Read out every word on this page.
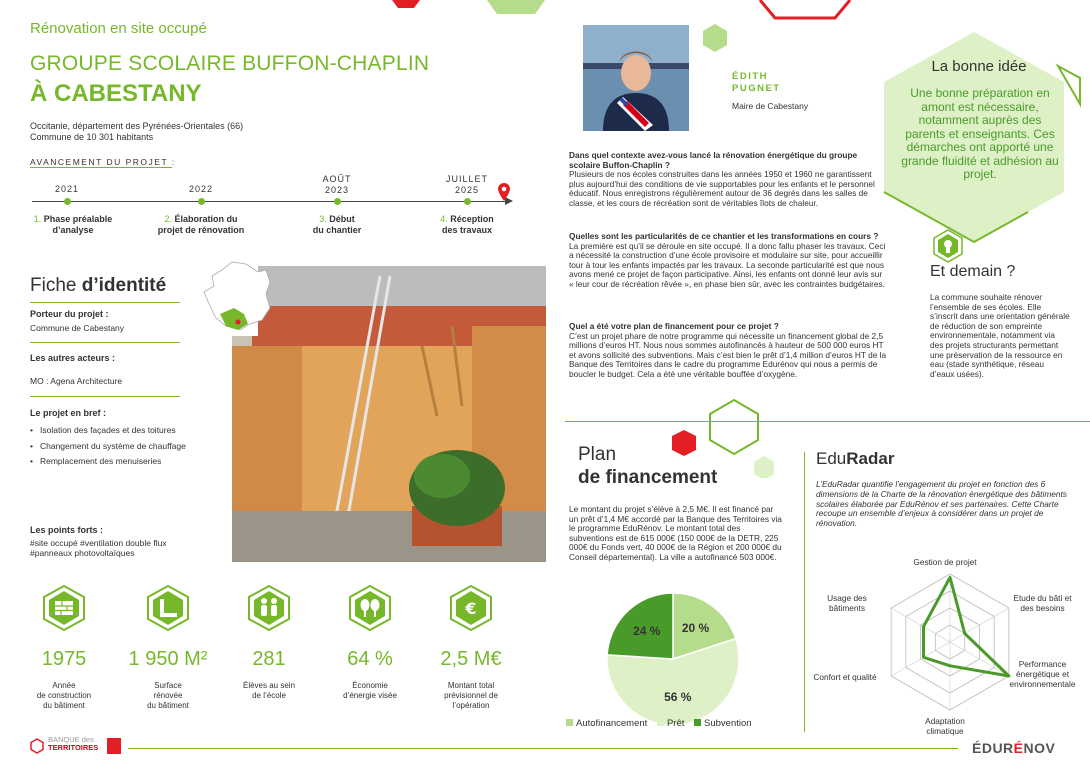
Rénovation en site occupé
GROUPE SCOLAIRE BUFFON-CHAPLIN
À CABESTANY
Occitanie, département des Pyrénées-Orientales (66)
Commune de 10 301 habitants
AVANCEMENT DU PROJET :
2021
1. Phase préalable
d’analyse
2022
2. Élaboration du
projet de rénovation
AOÛT
2023
3. Début
du chantier
JUILLET
2025
4. Réception
des travaux
Fiche d’identité
Porteur du projet :
Commune de Cabestany
Les autres acteurs :
MO : Agena Architecture
Le projet en bref :
• Isolation des façades et des toitures
• Changement du système de chauffage
• Remplacement des menuiseries
Les points forts :
#site occupé #ventilation double flux
#panneaux photovoltaïques
1975
Année
de construction
du bâtiment
1 950 M²
Surface
rénovée
du bâtiment
281
Élèves au sein
de l’école
64 %
Économie
d’énergie visée
€
2,5 M€
Montant total
prévisionnel de
l’opération
ÉDITH
PUGNET
Maire de Cabestany
Dans quel contexte avez-vous lancé la rénovation énergétique du groupe scolaire Buffon-Chaplin ?
Plusieurs de nos écoles construites dans les années 1950 et 1960 ne garantissent plus aujourd’hui des conditions de vie supportables pour les enfants et le personnel éducatif. Nous enregistrons régulièrement autour de 36 degrés dans les salles de classe, et les cours de récréation sont de véritables îlots de chaleur.
Quelles sont les particularités de ce chantier et les transformations en cours ?
La première est qu’il se déroule en site occupé. Il a donc fallu phaser les travaux. Ceci a nécessité la construction d’une école provisoire et modulaire sur site, pour accueillir tour à tour les enfants impactés par les travaux. La seconde particularité est que nous avons mené ce projet de façon participative. Ainsi, les enfants ont donné leur avis sur « leur cour de récréation rêvée », en phase bien sûr, avec les contraintes budgétaires.
Quel a été votre plan de financement pour ce projet ?
C’est un projet phare de notre programme qui nécessite un financement global de 2,5 millions d’euros HT. Nous nous sommes autofinancés à hauteur de 500 000 euros HT et avons sollicité des subventions. Mais c’est bien le prêt d’1,4 million d’euros HT de la Banque des Territoires dans le cadre du programme Edurénov qui nous a permis de boucler le budget. Cela a été une véritable bouffée d’oxygène.
La bonne idée
Une bonne préparation en amont est nécessaire, notamment auprès des parents et enseignants. Ces démarches ont apporté une grande fluidité et adhésion au projet.
Et demain ?
La commune souhaite rénover l’ensemble de ses écoles. Elle s’inscrit dans une orientation générale de réduction de son empreinte environnementale, notamment via des projets structurants permettant une préservation de la ressource en eau (stade synthétique, réseau d’eaux usées).
Plan
de financement
Le montant du projet s’élève à 2,5 M€. Il est financé par un prêt d’1,4 M€ accordé par la Banque des Territoires via le programme EduRénov. Le montant total des subventions est de 615 000€ (150 000€ de la DETR, 225 000€ du Fonds vert, 40 000€ de la Région et 200 000€ du Conseil départemental). La ville a autofinancé 503 000€.
20 %
56 %
24 %
Autofinancement Prêt Subvention
EduRadar
L’EduRadar quantifie l’engagement du projet en fonction des 6 dimensions de la Charte de la rénovation énergétique des bâtiments scolaires élaborée par EduRénov et ses partenaires. Cette Charte recoupe un ensemble d’enjeux à considérer dans un projet de rénovation.
Gestion de projet
Etude du bâti et
des besoins
Performance
énergétique et
environnementale
Adaptation
climatique
Confort et qualité
Usage des
bâtiments
BANQUE des
TERRITOIRES	ÉDURÉNOV
